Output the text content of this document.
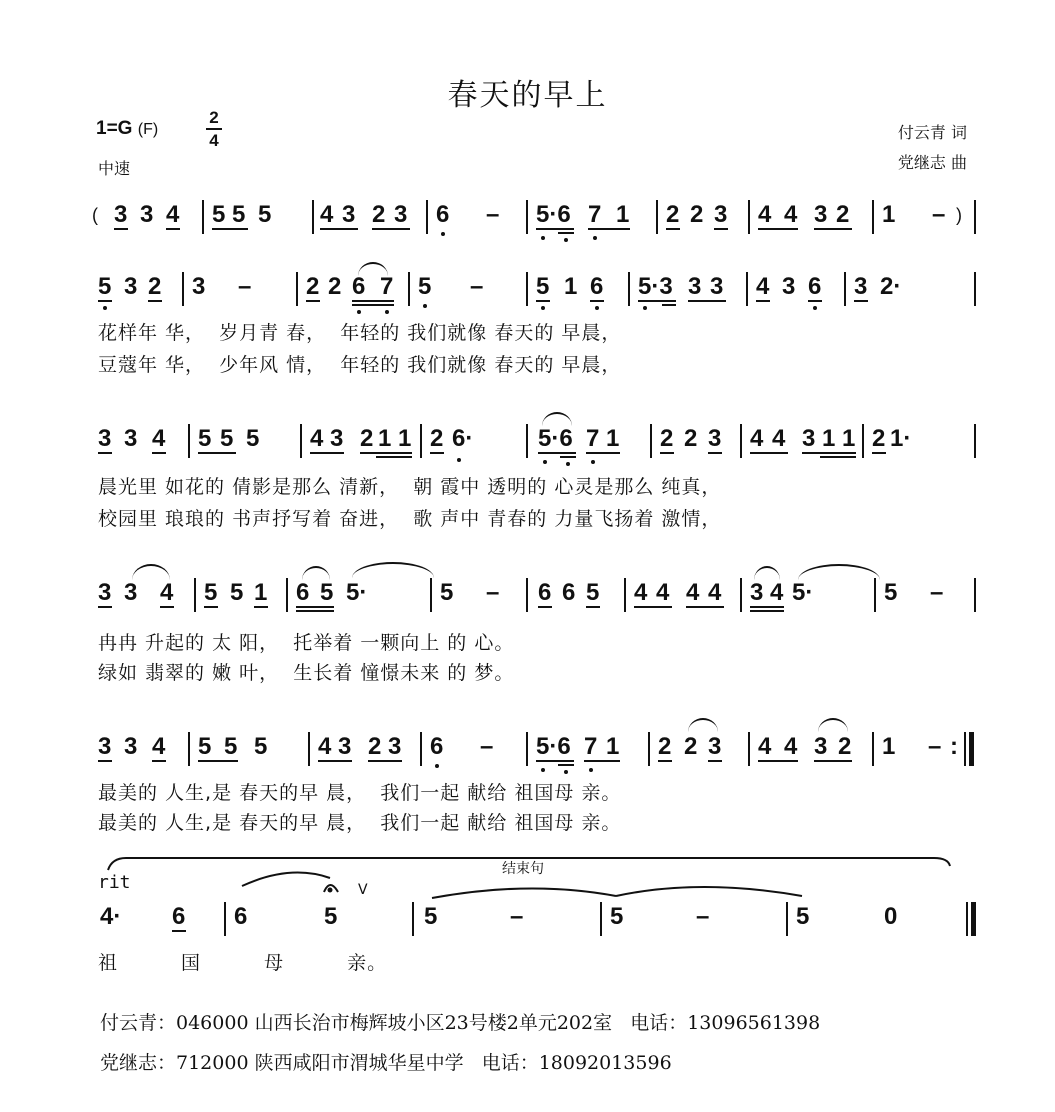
春天的早上
1=G (F)
2
4
中速
付云青 词
党继志 曲
( 3 3 4 5 5 5 4 3 2 3 6 – 5·6 7 1 2 2 3 4 4 3 2 1 – )
5 3 2 3 – 2 2 6 7 5 – 5 1 6 5·3 3 3 4 3 6 3 2·
花样年 华，  岁月青 春，  年轻的 我们就像 春天的 早晨，
豆蔻年 华，  少年风 情，  年轻的 我们就像 春天的 早晨，
3 3 4 5 5 5 4 3 2 1 1 2 6·	5·6 7 1 2 2 3 4 4 3 1 1 2 1·
晨光里 如花的 倩影是那么 清新，  朝 霞中 透明的 心灵是那么 纯真，
校园里 琅琅的 书声抒写着 奋进，  歌 声中 青春的 力量飞扬着 激情，
3 3 4 5 5 1 6 5 5·	5 – 6 6 5 4 4 4 4 3 4 5·	5 –
冉冉 升起的 太 阳，  托举着 一颗向上 的 心。
绿如 翡翠的 嫩 叶，  生长着 憧憬未来 的 梦。
3 3 4 5 5 5 4 3 2 3 6 – 5·6 7 1 2 2 3 4 4 3 2 1 – :
最美的 人生,是 春天的早 晨，  我们一起 献给 祖国母 亲。
最美的 人生,是 春天的早 晨，  我们一起 献给 祖国母 亲。
rit
结束句
V
4· 6 6	5	5	–	5	–	5	0
祖 国 母 亲。
付云青：046000 山西长治市梅辉坡小区23号楼2单元202室   电话：13096561398
党继志：712000 陕西咸阳市渭城华星中学   电话：18092013596
